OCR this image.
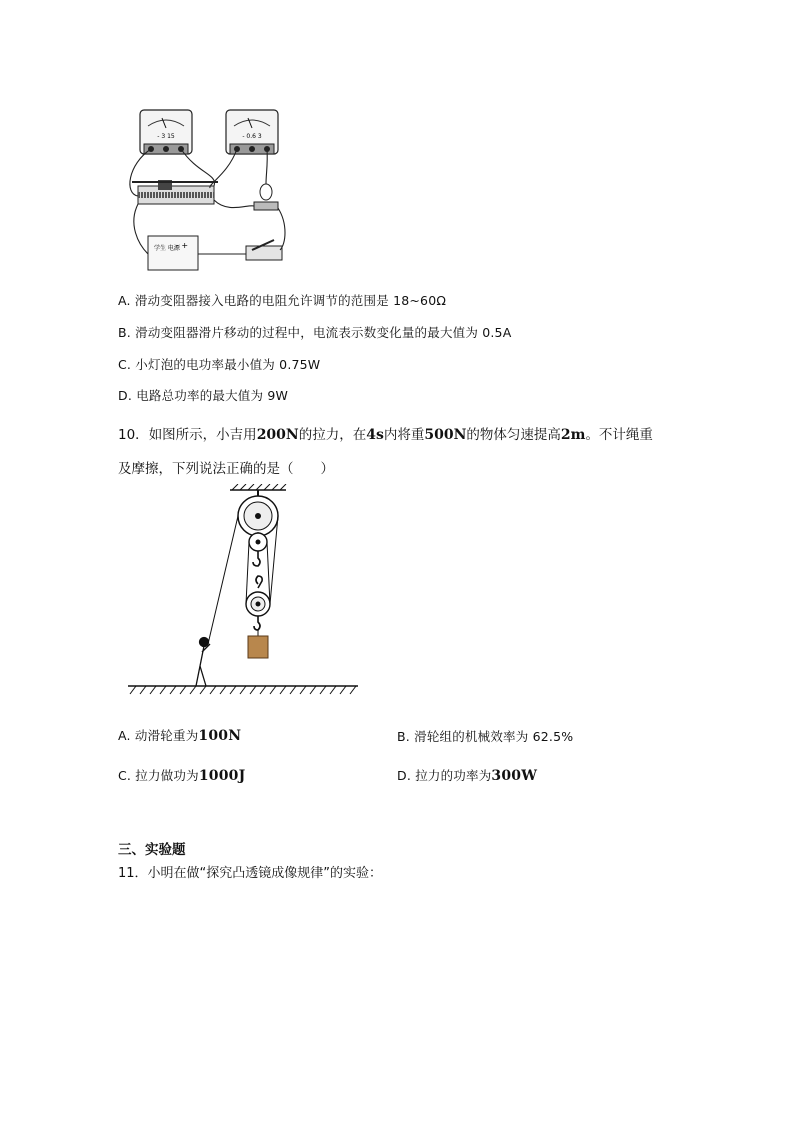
- 3 15	- 0.6 3
学生 电源
- +
A. 滑动变阻器接入电路的电阻允许调节的范围是 18~60Ω
B. 滑动变阻器滑片移动的过程中，电流表示数变化量的最大值为 0.5A
C. 小灯泡的电功率最小值为 0.75W
D. 电路总功率的最大值为 9W
10．如图所示，小吉用200N的拉力，在4s内将重500N的物体匀速提高2m。不计绳重
及摩擦，下列说法正确的是（　　）
A. 动滑轮重为100N	B. 滑轮组的机械效率为 62.5%
C. 拉力做功为1000J	D. 拉力的功率为300W
三、实验题
11．小明在做“探究凸透镜成像规律”的实验：
